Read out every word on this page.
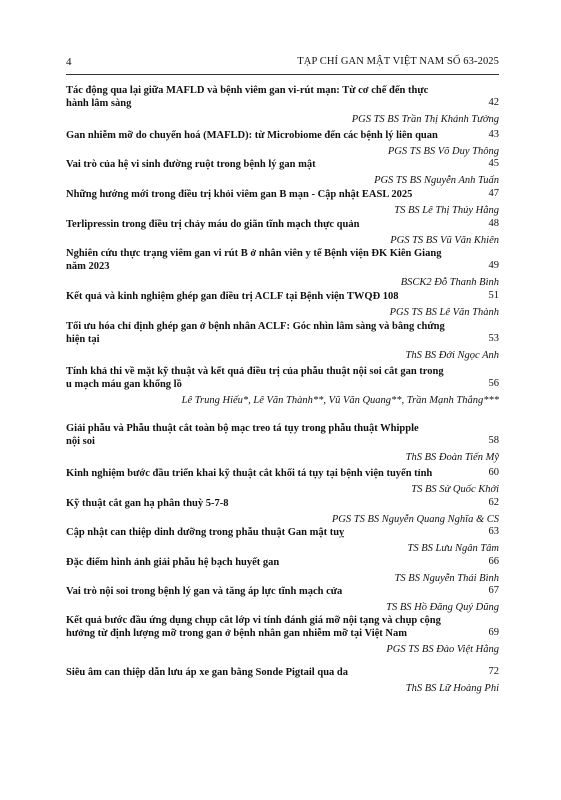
4	TẠP CHÍ GAN MẬT VIỆT NAM SỐ 63-2025
Tác động qua lại giữa MAFLD và bệnh viêm gan vi-rút mạn: Từ cơ chế đến thực
hành lâm sàng	42
PGS TS BS Trần Thị Khánh Tường
Gan nhiễm mỡ do chuyển hoá (MAFLD): từ Microbiome đến các bệnh lý liên quan	43
PGS TS BS Võ Duy Thông
Vai trò của hệ vi sinh đường ruột trong bệnh lý gan mật	45
PGS TS BS Nguyễn Anh Tuấn
Những hướng mới trong điều trị khỏi viêm gan B mạn - Cập nhật EASL 2025	47
TS BS Lê Thị Thúy Hằng
Terlipressin trong điều trị chảy máu do giãn tĩnh mạch thực quản	48
PGS TS BS Vũ Văn Khiên
Nghiên cứu thực trạng viêm gan vi rút B ở nhân viên y tế Bệnh viện ĐK Kiên Giang
năm 2023	49
BSCK2 Đỗ Thanh Bình
Kết quả và kinh nghiệm ghép gan điều trị ACLF tại Bệnh viện TWQĐ 108	51
PGS TS BS Lê Văn Thành
Tối ưu hóa chỉ định ghép gan ở bệnh nhân ACLF: Góc nhìn lâm sàng và bằng chứng
hiện tại	53
ThS BS Đới Ngọc Anh
Tính khả thi về mặt kỹ thuật và kết quả điều trị của phẫu thuật nội soi cắt gan trong
u mạch máu gan khổng lồ	56
Lê Trung Hiếu*, Lê Văn Thành**, Vũ Văn Quang**, Trần Mạnh Thắng***
Giải phẫu và Phẫu thuật cắt toàn bộ mạc treo tá tụy trong phẫu thuật Whipple
nội soi	58
ThS BS Đoàn Tiến Mỹ
Kinh nghiệm bước đầu triển khai kỹ thuật cắt khối tá tụy tại bệnh viện tuyến tỉnh	60
TS BS Sử Quốc Khởi
Kỹ thuật cắt gan hạ phân thuỳ 5-7-8	62
PGS TS BS Nguyễn Quang Nghĩa & CS
Cập nhật can thiệp dinh dưỡng trong phẫu thuật Gan mật tuỵ	63
TS BS Lưu Ngân Tâm
Đặc điểm hình ảnh giải phẫu hệ bạch huyết gan	66
TS BS Nguyễn Thái Bình
Vai trò nội soi trong bệnh lý gan và tăng áp lực tĩnh mạch cửa	67
TS BS Hồ Đăng Quý Dũng
Kết quả bước đầu ứng dụng chụp cắt lớp vi tính đánh giá mỡ nội tạng và chụp cộng
hưởng từ định lượng mỡ trong gan ở bệnh nhân gan nhiễm mỡ tại Việt Nam	69
PGS TS BS Đào Việt Hằng
Siêu âm can thiệp dẫn lưu áp xe gan bằng Sonde Pigtail qua da	72
ThS BS Lữ Hoàng Phi
